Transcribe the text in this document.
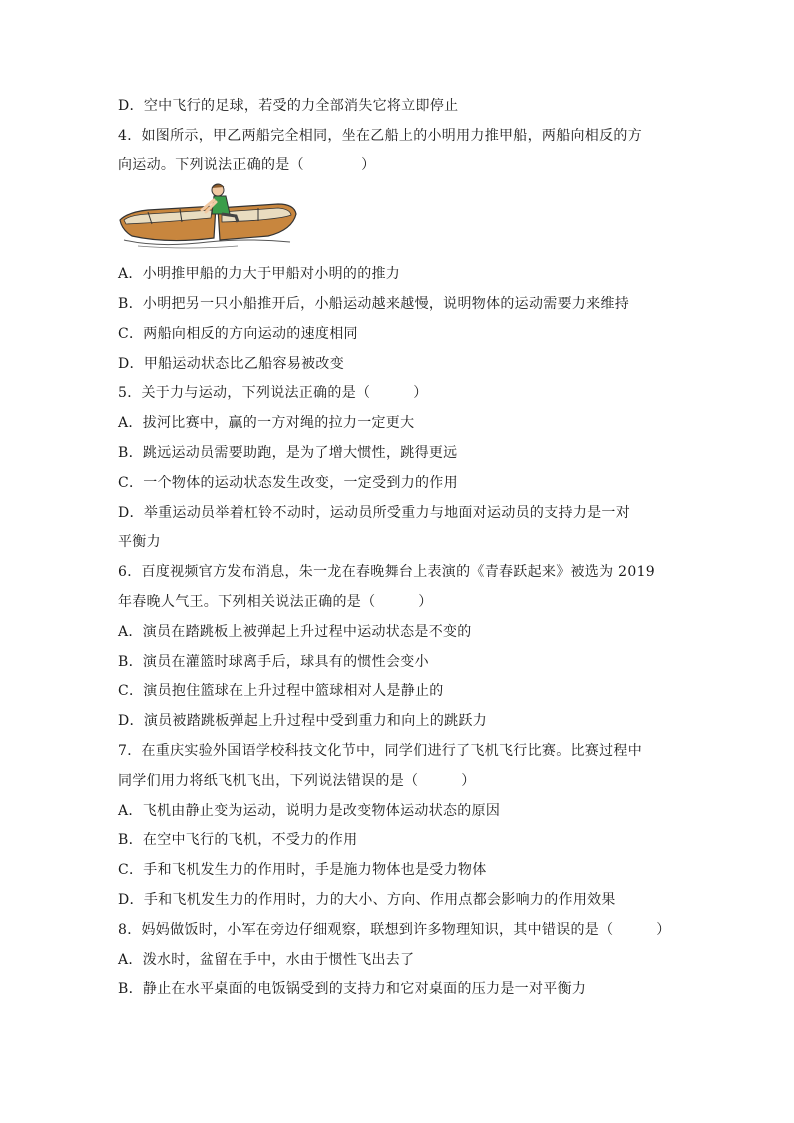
D．空中飞行的足球，若受的力全部消失它将立即停止
4．如图所示，甲乙两船完全相同，坐在乙船上的小明用力推甲船，两船向相反的方
向运动。下列说法正确的是（　　　　）
A．小明推甲船的力大于甲船对小明的的推力
B．小明把另一只小船推开后，小船运动越来越慢，说明物体的运动需要力来维持
C．两船向相反的方向运动的速度相同
D．甲船运动状态比乙船容易被改变
5．关于力与运动，下列说法正确的是（　　　）
A．拔河比赛中，赢的一方对绳的拉力一定更大
B．跳远运动员需要助跑，是为了增大惯性，跳得更远
C．一个物体的运动状态发生改变，一定受到力的作用
D．举重运动员举着杠铃不动时，运动员所受重力与地面对运动员的支持力是一对
平衡力
6．百度视频官方发布消息，朱一龙在春晚舞台上表演的《青春跃起来》被选为 2019
年春晚人气王。下列相关说法正确的是（　　　）
A．演员在踏跳板上被弹起上升过程中运动状态是不变的
B．演员在灌篮时球离手后，球具有的惯性会变小
C．演员抱住篮球在上升过程中篮球相对人是静止的
D．演员被踏跳板弹起上升过程中受到重力和向上的跳跃力
7．在重庆实验外国语学校科技文化节中，同学们进行了飞机飞行比赛。比赛过程中
同学们用力将纸飞机飞出，下列说法错误的是（　　　）
A．飞机由静止变为运动，说明力是改变物体运动状态的原因
B．在空中飞行的飞机，不受力的作用
C．手和飞机发生力的作用时，手是施力物体也是受力物体
D．手和飞机发生力的作用时，力的大小、方向、作用点都会影响力的作用效果
8．妈妈做饭时，小军在旁边仔细观察，联想到许多物理知识，其中错误的是（　　　）
A．泼水时，盆留在手中，水由于惯性飞出去了
B．静止在水平桌面的电饭锅受到的支持力和它对桌面的压力是一对平衡力
